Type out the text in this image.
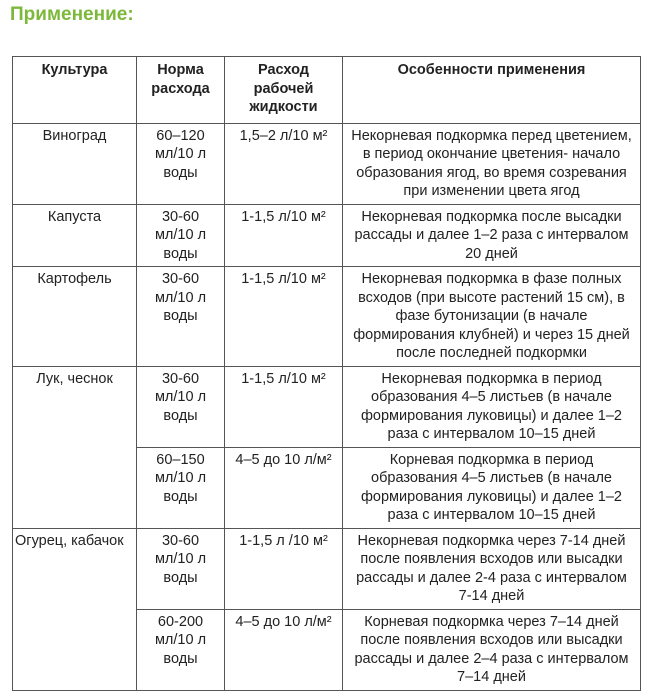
Применение:
Культура	Норма расхода	Расход рабочей жидкости	Особенности применения
Виноград	60–120 мл/10 л воды	1,5–2 л/10 м²	Некорневая подкормка перед цветением, в период окончание цветения- начало образования ягод, во время созревания при изменении цвета ягод
Капуста	30-60 мл/10 л воды	1-1,5 л/10 м²	Некорневая подкормка после высадки рассады и далее 1–2 раза с интервалом 20 дней
Картофель	30-60 мл/10 л воды	1-1,5 л/10 м²	Некорневая подкормка в фазе полных всходов (при высоте растений 15 см), в фазе бутонизации (в начале формирования клубней) и через 15 дней после последней подкормки
Лук, чеснок	30-60 мл/10 л воды	1-1,5 л/10 м²	Некорневая подкормка в период образования 4–5 листьев (в начале формирования луковицы) и далее 1–2 раза с интервалом 10–15 дней
	60–150 мл/10 л воды	4–5 до 10 л/м²	Корневая подкормка в период образования 4–5 листьев (в начале формирования луковицы) и далее 1–2 раза с интервалом 10–15 дней
Огурец, кабачок	30-60 мл/10 л воды	1-1,5 л /10 м²	Некорневая подкормка через 7-14 дней после появления всходов или высадки рассады и далее 2-4 раза с интервалом 7-14 дней
	60-200 мл/10 л воды	4–5 до 10 л/м²	Корневая подкормка через 7–14 дней после появления всходов или высадки рассады и далее 2–4 раза с интервалом 7–14 дней
